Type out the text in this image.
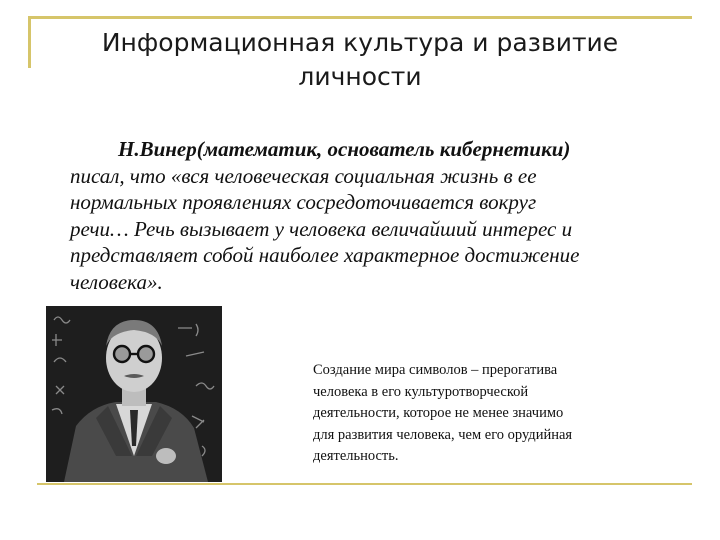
Информационная культура и развитие
личности
Н.Винер(математик, основатель кибернетики)
писал, что «вся человеческая социальная жизнь в ее
нормальных проявлениях сосредоточивается вокруг
речи… Речь вызывает у человека величайший интерес и
представляет собой наиболее характерное достижение
человека».
Создание мира символов – прерогатива
человека в его культуротворческой
деятельности, которое не менее значимо
для развития человека, чем его орудийная
деятельность.
